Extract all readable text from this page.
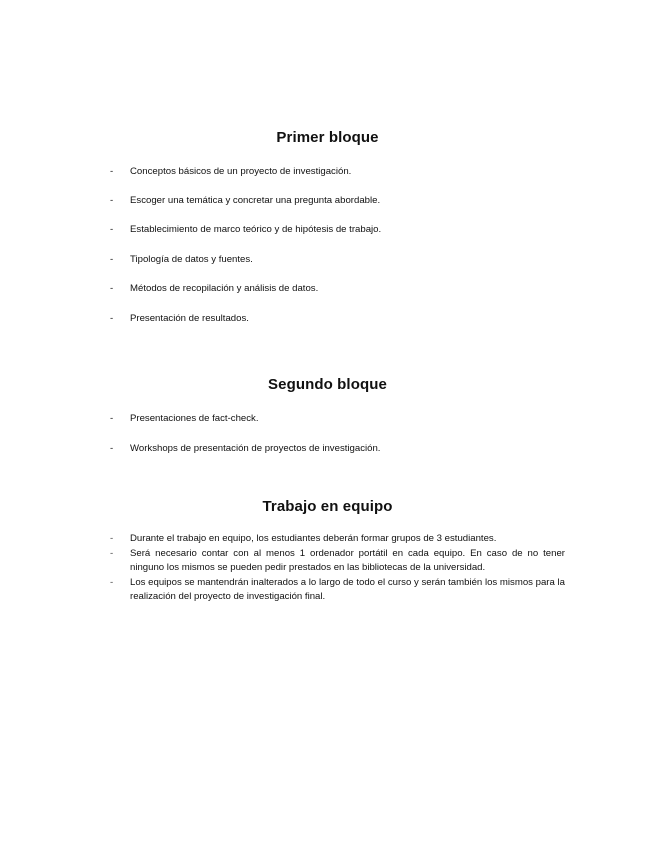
Primer bloque
- Conceptos básicos de un proyecto de investigación.
- Escoger una temática y concretar una pregunta abordable.
- Establecimiento de marco teórico y de hipótesis de trabajo.
- Tipología de datos y fuentes.
- Métodos de recopilación y análisis de datos.
- Presentación de resultados.
Segundo bloque
- Presentaciones de fact-check.
- Workshops de presentación de proyectos de investigación.
Trabajo en equipo
- Durante el trabajo en equipo, los estudiantes deberán formar grupos de 3 estudiantes.
- Será necesario contar con al menos 1 ordenador portátil en cada equipo. En caso de no tener ninguno los mismos se pueden pedir prestados en las bibliotecas de la universidad.
- Los equipos se mantendrán inalterados a lo largo de todo el curso y serán también los mismos para la realización del proyecto de investigación final.
